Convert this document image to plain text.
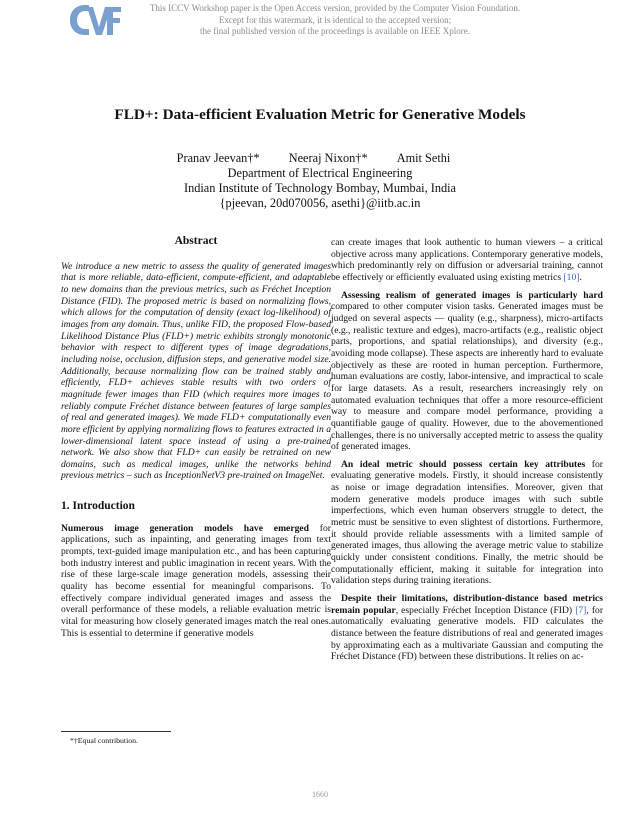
This ICCV Workshop paper is the Open Access version, provided by the Computer Vision Foundation.
Except for this watermark, it is identical to the accepted version;
the final published version of the proceedings is available on IEEE Xplore.
FLD+: Data-efficient Evaluation Metric for Generative Models
Pranav Jeevan†* Neeraj Nixon†* Amit Sethi
Department of Electrical Engineering
Indian Institute of Technology Bombay, Mumbai, India
{pjeevan, 20d070056, asethi}@iitb.ac.in
Abstract

We introduce a new metric to assess the quality of generated images that is more reliable, data-efficient, compute-efficient, and adaptable to new domains than the previous metrics, such as Fréchet Inception Distance (FID). The proposed metric is based on normalizing flows, which allows for the computation of density (exact log-likelihood) of images from any domain. Thus, unlike FID, the proposed Flow-based Likelihood Distance Plus (FLD+) metric exhibits strongly monotonic behavior with respect to different types of image degradations, including noise, occlusion, diffusion steps, and generative model size. Additionally, because normalizing flow can be trained stably and efficiently, FLD+ achieves stable results with two orders of magnitude fewer images than FID (which requires more images to reliably compute Fréchet distance between features of large samples of real and generated images). We made FLD+ computationally even more efficient by applying normalizing flows to features extracted in a lower-dimensional latent space instead of using a pre-trained network. We also show that FLD+ can easily be retrained on new domains, such as medical images, unlike the networks behind previous metrics – such as InceptionNetV3 pre-trained on ImageNet.

1. Introduction

Numerous image generation models have emerged for applications, such as inpainting, and generating images from text prompts, text-guided image manipulation etc., and has been capturing both industry interest and public imagination in recent years. With the rise of these large-scale image generation models, assessing their quality has become essential for meaningful comparisons. To effectively compare individual generated images and assess the overall performance of these models, a reliable evaluation metric is vital for measuring how closely generated images match the real ones. This is essential to determine if generative models

can create images that look authentic to human viewers – a critical objective across many applications. Contemporary generative models, which predominantly rely on diffusion or adversarial training, cannot be effectively or efficiently evaluated using existing metrics [10].

Assessing realism of generated images is particularly hard compared to other computer vision tasks. Generated images must be judged on several aspects — quality (e.g., sharpness), micro-artifacts (e.g., realistic texture and edges), macro-artifacts (e.g., realistic object parts, proportions, and spatial relationships), and diversity (e.g., avoiding mode collapse). These aspects are inherently hard to evaluate objectively as these are rooted in human perception. Furthermore, human evaluations are costly, labor-intensive, and impractical to scale for large datasets. As a result, researchers increasingly rely on automated evaluation techniques that offer a more resource-efficient way to measure and compare model performance, providing a quantifiable gauge of quality. However, due to the abovementioned challenges, there is no universally accepted metric to assess the quality of generated images.

An ideal metric should possess certain key attributes for evaluating generative models. Firstly, it should increase consistently as noise or image degradation intensifies. Moreover, given that modern generative models produce images with such subtle imperfections, which even human observers struggle to detect, the metric must be sensitive to even slightest of distortions. Furthermore, it should provide reliable assessments with a limited sample of generated images, thus allowing the average metric value to stabilize quickly under consistent conditions. Finally, the metric should be computationally efficient, making it suitable for integration into validation steps during training iterations.

Despite their limitations, distribution-distance based metrics remain popular, especially Fréchet Inception Distance (FID) [7], for automatically evaluating generative models. FID calculates the distance between the feature distributions of real and generated images by approximating each as a multivariate Gaussian and computing the Fréchet Distance (FD) between these distributions. It relies on ac-

*†Equal contribution.
1660
